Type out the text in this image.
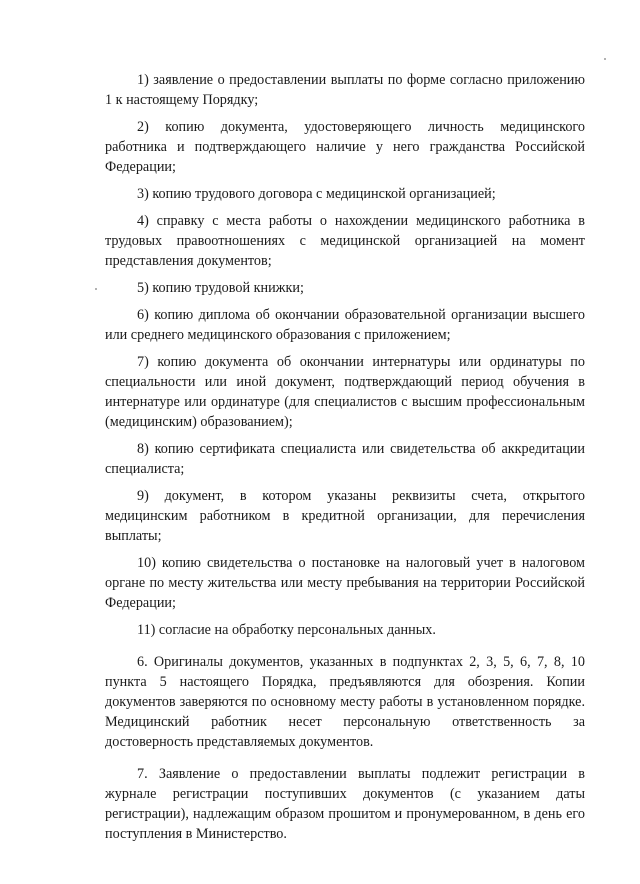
1) заявление о предоставлении выплаты по форме согласно приложению 1 к настоящему Порядку;

2) копию документа, удостоверяющего личность медицинского работника и подтверждающего наличие у него гражданства Российской Федерации;

3) копию трудового договора с медицинской организацией;

4) справку с места работы о нахождении медицинского работника в трудовых правоотношениях с медицинской организацией на момент представления документов;

5) копию трудовой книжки;

6) копию диплома об окончании образовательной организации высшего или среднего медицинского образования с приложением;

7) копию документа об окончании интернатуры или ординатуры по специальности или иной документ, подтверждающий период обучения в интернатуре или ординатуре (для специалистов с высшим профессиональным (медицинским) образованием);

8) копию сертификата специалиста или свидетельства об аккредитации специалиста;

9) документ, в котором указаны реквизиты счета, открытого медицинским работником в кредитной организации, для перечисления выплаты;

10) копию свидетельства о постановке на налоговый учет в налоговом органе по месту жительства или месту пребывания на территории Российской Федерации;

11) согласие на обработку персональных данных.

6. Оригиналы документов, указанных в подпунктах 2, 3, 5, 6, 7, 8, 10 пункта 5 настоящего Порядка, предъявляются для обозрения. Копии документов заверяются по основному месту работы в установленном порядке. Медицинский работник несет персональную ответственность за достоверность представляемых документов.

7. Заявление о предоставлении выплаты подлежит регистрации в журнале регистрации поступивших документов (с указанием даты регистрации), надлежащим образом прошитом и пронумерованном, в день его поступления в Министерство.
